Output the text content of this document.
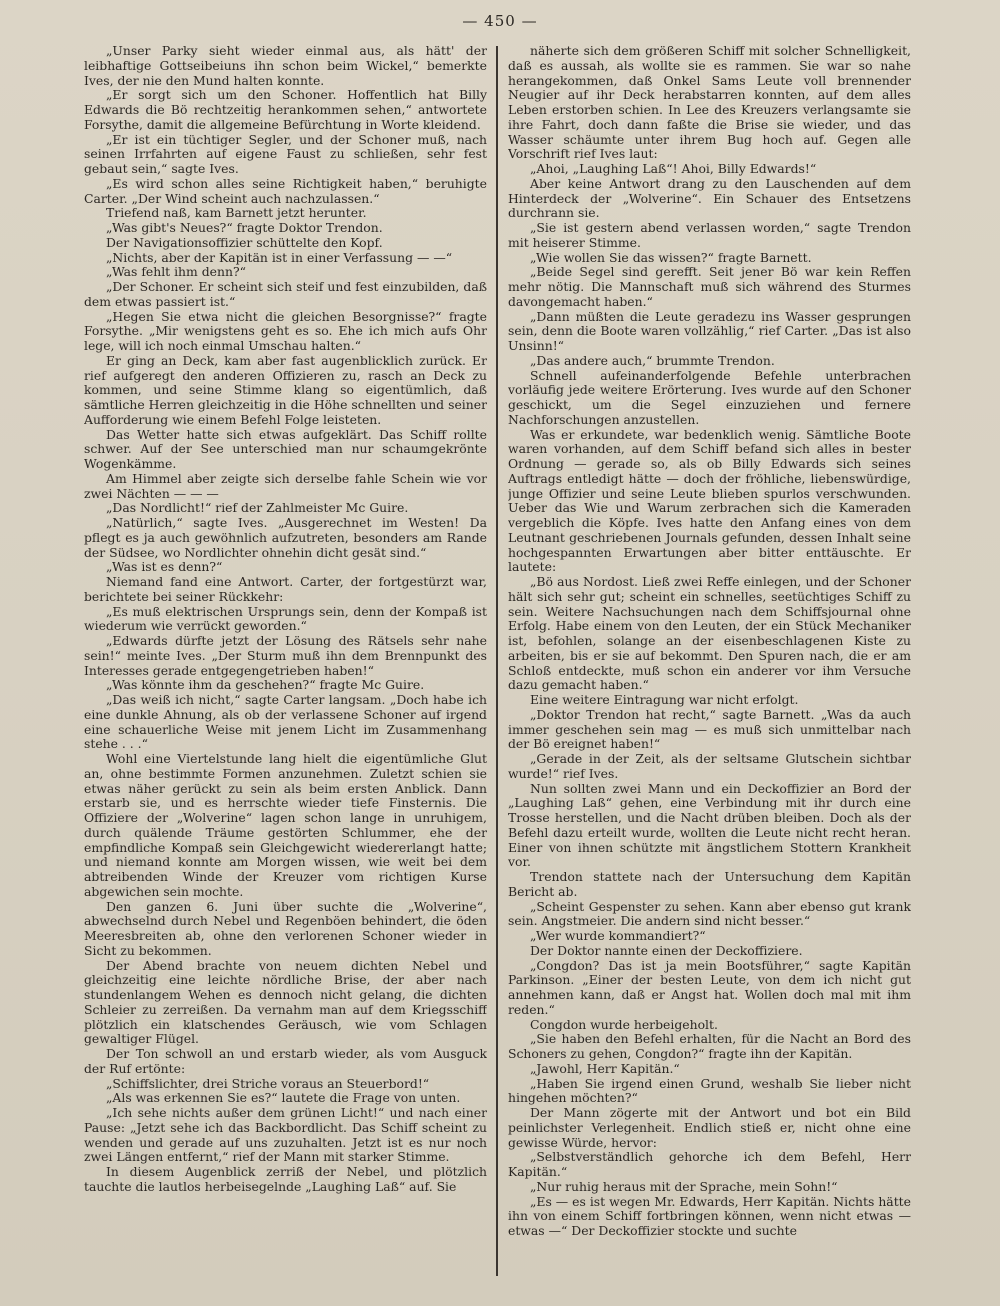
— 450 —

„Unser Parky sieht wieder einmal aus, als hätt' der leibhaftige Gottseibeiuns ihn schon beim Wickel,“ bemerkte Ives, der nie den Mund halten konnte.

„Er sorgt sich um den Schoner. Hoffentlich hat Billy Edwards die Bö rechtzeitig herankommen sehen,“ antwortete Forsythe, damit die allgemeine Befürchtung in Worte kleidend.

„Er ist ein tüchtiger Segler, und der Schoner muß, nach seinen Irrfahrten auf eigene Faust zu schließen, sehr fest gebaut sein,“ sagte Ives.

„Es wird schon alles seine Richtigkeit haben,“ beruhigte Carter. „Der Wind scheint auch nachzulassen.“

Triefend naß, kam Barnett jetzt herunter.

„Was gibt's Neues?“ fragte Doktor Trendon.

Der Navigationsoffizier schüttelte den Kopf.

„Nichts, aber der Kapitän ist in einer Verfassung — —“

„Was fehlt ihm denn?“

„Der Schoner. Er scheint sich steif und fest einzubilden, daß dem etwas passiert ist.“

„Hegen Sie etwa nicht die gleichen Besorgnisse?“ fragte Forsythe. „Mir wenigstens geht es so. Ehe ich mich aufs Ohr lege, will ich noch einmal Umschau halten.“

Er ging an Deck, kam aber fast augenblicklich zurück. Er rief aufgeregt den anderen Offizieren zu, rasch an Deck zu kommen, und seine Stimme klang so eigentümlich, daß sämtliche Herren gleichzeitig in die Höhe schnellten und seiner Aufforderung wie einem Befehl Folge leisteten.

Das Wetter hatte sich etwas aufgeklärt. Das Schiff rollte schwer. Auf der See unterschied man nur schaumgekrönte Wogenkämme.

Am Himmel aber zeigte sich derselbe fahle Schein wie vor zwei Nächten — — —

„Das Nordlicht!“ rief der Zahlmeister Mc Guire.

„Natürlich,“ sagte Ives. „Ausgerechnet im Westen! Da pflegt es ja auch gewöhnlich aufzutreten, besonders am Rande der Südsee, wo Nordlichter ohnehin dicht gesät sind.“

„Was ist es denn?“

Niemand fand eine Antwort. Carter, der fortgestürzt war, berichtete bei seiner Rückkehr:

„Es muß elektrischen Ursprungs sein, denn der Kompaß ist wiederum wie verrückt geworden.“

„Edwards dürfte jetzt der Lösung des Rätsels sehr nahe sein!“ meinte Ives. „Der Sturm muß ihn dem Brennpunkt des Interesses gerade entgegengetrieben haben!“

„Was könnte ihm da geschehen?“ fragte Mc Guire.

„Das weiß ich nicht,“ sagte Carter langsam. „Doch habe ich eine dunkle Ahnung, als ob der verlassene Schoner auf irgend eine schauerliche Weise mit jenem Licht im Zusammenhang stehe . . .“

Wohl eine Viertelstunde lang hielt die eigentümliche Glut an, ohne bestimmte Formen anzunehmen. Zuletzt schien sie etwas näher gerückt zu sein als beim ersten Anblick. Dann erstarb sie, und es herrschte wieder tiefe Finsternis. Die Offiziere der „Wolverine“ lagen schon lange in unruhigem, durch quälende Träume gestörten Schlummer, ehe der empfindliche Kompaß sein Gleichgewicht wiedererlangt hatte; und niemand konnte am Morgen wissen, wie weit bei dem abtreibenden Winde der Kreuzer vom richtigen Kurse abgewichen sein mochte.

Den ganzen 6. Juni über suchte die „Wolverine“, abwechselnd durch Nebel und Regenböen behindert, die öden Meeresbreiten ab, ohne den verlorenen Schoner wieder in Sicht zu bekommen.

Der Abend brachte von neuem dichten Nebel und gleichzeitig eine leichte nördliche Brise, der aber nach stundenlangem Wehen es dennoch nicht gelang, die dichten Schleier zu zerreißen. Da vernahm man auf dem Kriegsschiff plötzlich ein klatschendes Geräusch, wie vom Schlagen gewaltiger Flügel.

Der Ton schwoll an und erstarb wieder, als vom Ausguck der Ruf ertönte:

„Schiffslichter, drei Striche voraus an Steuerbord!“

„Als was erkennen Sie es?“ lautete die Frage von unten.

„Ich sehe nichts außer dem grünen Licht!“ und nach einer Pause: „Jetzt sehe ich das Backbordlicht. Das Schiff scheint zu wenden und gerade auf uns zuzuhalten. Jetzt ist es nur noch zwei Längen entfernt,“ rief der Mann mit starker Stimme.

In diesem Augenblick zerriß der Nebel, und plötzlich tauchte die lautlos herbeisegelnde „Laughing Laß“ auf. Sie

näherte sich dem größeren Schiff mit solcher Schnelligkeit, daß es aussah, als wollte sie es rammen. Sie war so nahe herangekommen, daß Onkel Sams Leute voll brennender Neugier auf ihr Deck herabstarren konnten, auf dem alles Leben erstorben schien. In Lee des Kreuzers verlangsamte sie ihre Fahrt, doch dann faßte die Brise sie wieder, und das Wasser schäumte unter ihrem Bug hoch auf. Gegen alle Vorschrift rief Ives laut:

„Ahoi, „Laughing Laß“! Ahoi, Billy Edwards!“

Aber keine Antwort drang zu den Lauschenden auf dem Hinterdeck der „Wolverine“. Ein Schauer des Entsetzens durchrann sie.

„Sie ist gestern abend verlassen worden,“ sagte Trendon mit heiserer Stimme.

„Wie wollen Sie das wissen?“ fragte Barnett.

„Beide Segel sind gerefft. Seit jener Bö war kein Reffen mehr nötig. Die Mannschaft muß sich während des Sturmes davongemacht haben.“

„Dann müßten die Leute geradezu ins Wasser gesprungen sein, denn die Boote waren vollzählig,“ rief Carter. „Das ist also Unsinn!“

„Das andere auch,“ brummte Trendon.

Schnell aufeinanderfolgende Befehle unterbrachen vorläufig jede weitere Erörterung. Ives wurde auf den Schoner geschickt, um die Segel einzuziehen und fernere Nachforschungen anzustellen.

Was er erkundete, war bedenklich wenig. Sämtliche Boote waren vorhanden, auf dem Schiff befand sich alles in bester Ordnung — gerade so, als ob Billy Edwards sich seines Auftrags entledigt hätte — doch der fröhliche, liebenswürdige, junge Offizier und seine Leute blieben spurlos verschwunden. Ueber das Wie und Warum zerbrachen sich die Kameraden vergeblich die Köpfe. Ives hatte den Anfang eines von dem Leutnant geschriebenen Journals gefunden, dessen Inhalt seine hochgespannten Erwartungen aber bitter enttäuschte. Er lautete:

„Bö aus Nordost. Ließ zwei Reffe einlegen, und der Schoner hält sich sehr gut; scheint ein schnelles, seetüchtiges Schiff zu sein. Weitere Nachsuchungen nach dem Schiffsjournal ohne Erfolg. Habe einem von den Leuten, der ein Stück Mechaniker ist, befohlen, solange an der eisenbeschlagenen Kiste zu arbeiten, bis er sie auf bekommt. Den Spuren nach, die er am Schloß entdeckte, muß schon ein anderer vor ihm Versuche dazu gemacht haben.“

Eine weitere Eintragung war nicht erfolgt.

„Doktor Trendon hat recht,“ sagte Barnett. „Was da auch immer geschehen sein mag — es muß sich unmittelbar nach der Bö ereignet haben!“

„Gerade in der Zeit, als der seltsame Glutschein sichtbar wurde!“ rief Ives.

Nun sollten zwei Mann und ein Deckoffizier an Bord der „Laughing Laß“ gehen, eine Verbindung mit ihr durch eine Trosse herstellen, und die Nacht drüben bleiben. Doch als der Befehl dazu erteilt wurde, wollten die Leute nicht recht heran. Einer von ihnen schützte mit ängstlichem Stottern Krankheit vor.

Trendon stattete nach der Untersuchung dem Kapitän Bericht ab.

„Scheint Gespenster zu sehen. Kann aber ebenso gut krank sein. Angstmeier. Die andern sind nicht besser.“

„Wer wurde kommandiert?“

Der Doktor nannte einen der Deckoffiziere.

„Congdon? Das ist ja mein Bootsführer,“ sagte Kapitän Parkinson. „Einer der besten Leute, von dem ich nicht gut annehmen kann, daß er Angst hat. Wollen doch mal mit ihm reden.“

Congdon wurde herbeigeholt.

„Sie haben den Befehl erhalten, für die Nacht an Bord des Schoners zu gehen, Congdon?“ fragte ihn der Kapitän.

„Jawohl, Herr Kapitän.“

„Haben Sie irgend einen Grund, weshalb Sie lieber nicht hingehen möchten?“

Der Mann zögerte mit der Antwort und bot ein Bild peinlichster Verlegenheit. Endlich stieß er, nicht ohne eine gewisse Würde, hervor:

„Selbstverständlich gehorche ich dem Befehl, Herr Kapitän.“

„Nur ruhig heraus mit der Sprache, mein Sohn!“

„Es — es ist wegen Mr. Edwards, Herr Kapitän. Nichts hätte ihn von einem Schiff fortbringen können, wenn nicht etwas — etwas —“ Der Deckoffizier stockte und suchte
